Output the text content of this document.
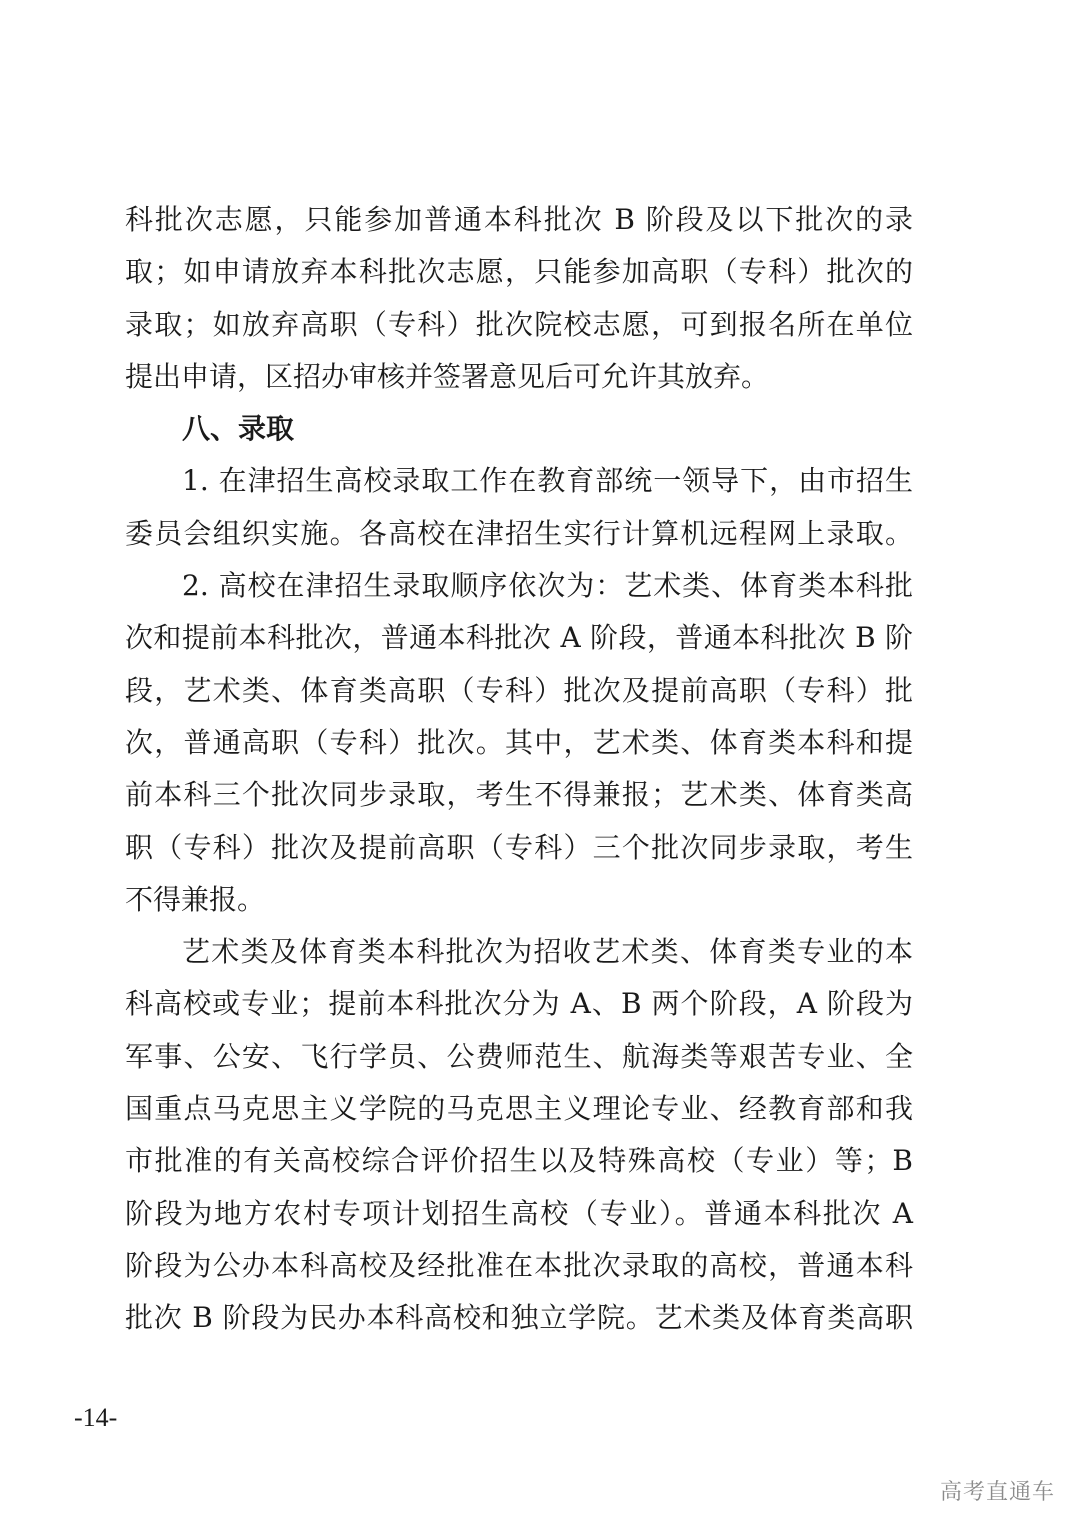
科批次志愿，只能参加普通本科批次 B 阶段及以下批次的录
取；如申请放弃本科批次志愿，只能参加高职（专科）批次的
录取；如放弃高职（专科）批次院校志愿，可到报名所在单位
提出申请，区招办审核并签署意见后可允许其放弃。
八、录取
1. 在津招生高校录取工作在教育部统一领导下，由市招生
委员会组织实施。各高校在津招生实行计算机远程网上录取。
2. 高校在津招生录取顺序依次为：艺术类、体育类本科批
次和提前本科批次，普通本科批次 A 阶段，普通本科批次 B 阶
段，艺术类、体育类高职（专科）批次及提前高职（专科）批
次，普通高职（专科）批次。其中，艺术类、体育类本科和提
前本科三个批次同步录取，考生不得兼报；艺术类、体育类高
职（专科）批次及提前高职（专科）三个批次同步录取，考生
不得兼报。
艺术类及体育类本科批次为招收艺术类、体育类专业的本
科高校或专业；提前本科批次分为 A、B 两个阶段，A 阶段为
军事、公安、飞行学员、公费师范生、航海类等艰苦专业、全
国重点马克思主义学院的马克思主义理论专业、经教育部和我
市批准的有关高校综合评价招生以及特殊高校（专业）等；B
阶段为地方农村专项计划招生高校（专业）。普通本科批次 A
阶段为公办本科高校及经批准在本批次录取的高校，普通本科
批次 B 阶段为民办本科高校和独立学院。艺术类及体育类高职
-14-
高考直通车
